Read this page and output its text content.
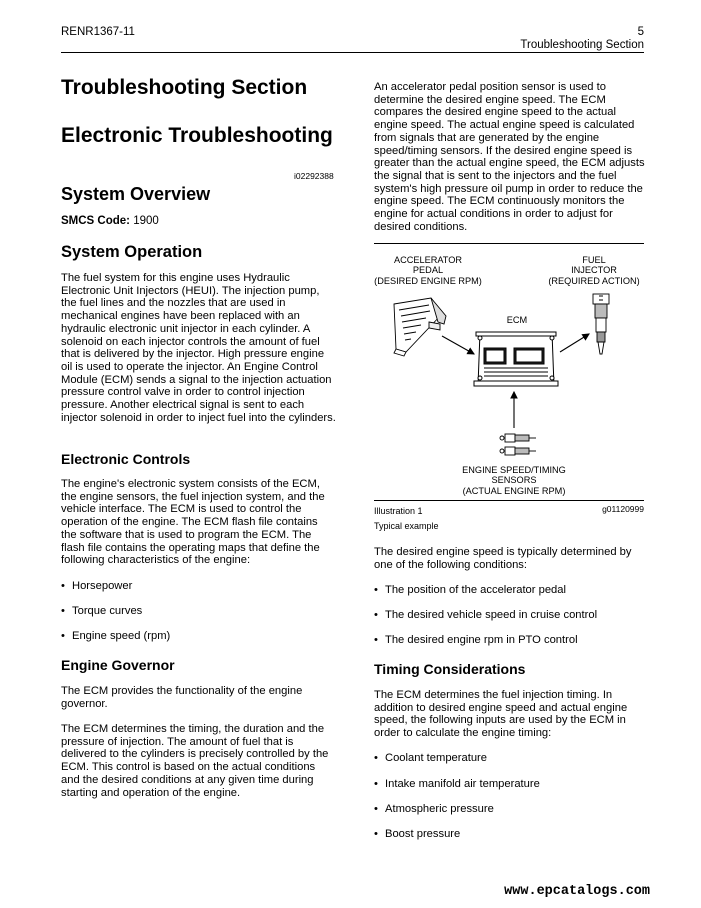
RENR1367-11	5
Troubleshooting Section
Troubleshooting Section
Electronic Troubleshooting
i02292388
System Overview
SMCS Code: 1900
System Operation
The fuel system for this engine uses Hydraulic Electronic Unit Injectors (HEUI). The injection pump, the fuel lines and the nozzles that are used in mechanical engines have been replaced with an hydraulic electronic unit injector in each cylinder. A solenoid on each injector controls the amount of fuel that is delivered by the injector. High pressure engine oil is used to operate the injector. An Engine Control Module (ECM) sends a signal to the injection actuation pressure control valve in order to control injection pressure. Another electrical signal is sent to each injector solenoid in order to inject fuel into the cylinders.
Electronic Controls
The engine's electronic system consists of the ECM, the engine sensors, the fuel injection system, and the vehicle interface. The ECM is used to control the operation of the engine. The ECM flash file contains the software that is used to program the ECM. The flash file contains the operating maps that define the following characteristics of the engine:
• Horsepower
• Torque curves
• Engine speed (rpm)
Engine Governor
The ECM provides the functionality of the engine governor.
The ECM determines the timing, the duration and the pressure of injection. The amount of fuel that is delivered to the cylinders is precisely controlled by the ECM. This control is based on the actual conditions and the desired conditions at any given time during starting and operation of the engine.
An accelerator pedal position sensor is used to determine the desired engine speed. The ECM compares the desired engine speed to the actual engine speed. The actual engine speed is calculated from signals that are generated by the engine speed/timing sensors. If the desired engine speed is greater than the actual engine speed, the ECM adjusts the signal that is sent to the injectors and the fuel system's high pressure oil pump in order to reduce the engine speed. The ECM continuously monitors the engine for actual conditions in order to adjust for desired conditions.
ACCELERATOR
PEDAL
(DESIRED ENGINE RPM)
FUEL
INJECTOR
(REQUIRED ACTION)
ECM
ENGINE SPEED/TIMING
SENSORS
(ACTUAL ENGINE RPM)
Illustration 1	g01120999
Typical example
The desired engine speed is typically determined by one of the following conditions:
• The position of the accelerator pedal
• The desired vehicle speed in cruise control
• The desired engine rpm in PTO control
Timing Considerations
The ECM determines the fuel injection timing. In addition to desired engine speed and actual engine speed, the following inputs are used by the ECM in order to calculate the engine timing:
• Coolant temperature
• Intake manifold air temperature
• Atmospheric pressure
• Boost pressure
www.epcatalogs.com
